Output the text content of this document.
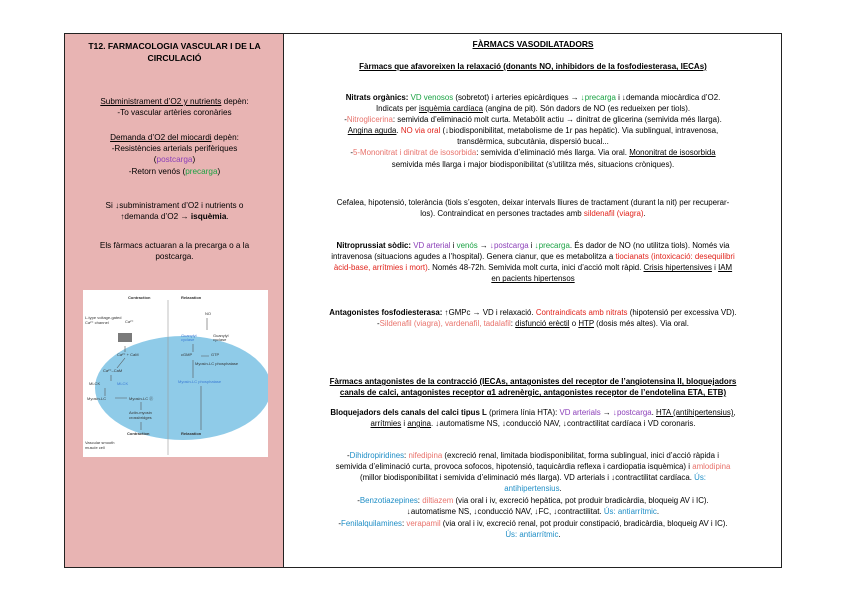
T12. FARMACOLOGIA VASCULAR I DE LA
CIRCULACIÓ
Subministrament d’O2 y nutrients depèn:
-To vascular artèries coronàries
Demanda d’O2 del miocardi depèn:
-Resistències arterials perifèriques
(postcarga)
-Retorn venós (precarga)
Si ↓subministrament d’O2 i nutrients o
↑demanda d’O2 → isquèmia.
Els fàrmacs actuaran a la precarga o a la
postcarga.
Contraction	Relaxation
L-type voltage-gated
Ca²⁺ channel	Ca²⁺
Ca²⁺ + CaM
Ca²⁺–CaM
MLCK	MLCK
Myosin-LC	Myosin-LC ⓟ
Actin-myosin
crossbridges
Contraction
NO
Guanylyl
cyclase
Guanylyl
cyclase
cGMP	GTP
Myosin-LC phosphatase
Myosin-LC phosphatase
Relaxation
Vascular smooth
muscle cell
FÀRMACS VASODILATADORS
Fàrmacs que afavoreixen la relaxació (donants NO, inhibidors de la fosfodiesterasa, IECAs)
Nitrats orgànics: VD venosos (sobretot) i arteries epicàrdiques → ↓precarga i ↓demanda miocàrdica d’O2.
Indicats per isquèmia cardíaca (angina de pit). Són dadors de NO (es redueixen per tiols).
-Nitroglicerina: semivida d’eliminació molt curta. Metabòlit actiu → dinitrat de glicerina (semivida més llarga).
Angina aguda. NO via oral (↓biodisponibilitat, metabolisme de 1r pas hepàtic). Via sublingual, intravenosa,
transdèrmica, subcutània, dispersió bucal...
-5-Mononitrat i dinitrat de isosorbida: semivida d’eliminació més llarga. Via oral. Mononitrat de isosorbida
semivida més llarga i major biodisponibilitat (s’utilitza més, situacions cròniques).
Cefalea, hipotensió, tolerància (tiols s’esgoten, deixar intervals lliures de tractament (durant la nit) per recuperar-
los). Contraindicat en persones tractades amb sildenafil (viagra).
Nitroprussiat sòdic: VD arterial i venós → ↓postcarga i ↓precarga. És dador de NO (no utilitza tiols). Només via
intravenosa (situacions agudes a l’hospital). Genera cianur, que es metabolitza a tiocianats (intoxicació: desequilibri
àcid-base, arrítmies i mort). Només 48-72h. Semivida molt curta, inici d’acció molt ràpid. Crisis hipertensives i IAM
en pacients hipertensos
Antagonistes fosfodiesterasa: ↑GMPc → VD i relaxació. Contraindicats amb nitrats (hipotensió per excessiva VD).
-Sildenafil (viagra), vardenafil, tadalafil: disfunció erèctil o HTP (dosis més altes). Via oral.
Fàrmacs antagonistes de la contracció (IECAs, antagonistes del receptor de l’angiotensina II, bloquejadors
canals de calci, antagonistes receptor α1 adrenèrgic, antagonistes receptor de l’endotelina ETA, ETB)
Bloquejadors dels canals del calci tipus L (primera línia HTA): VD arterials → ↓postcarga. HTA (antihipertensius),
arrítmies i angina. ↓automatisme NS, ↓conducció NAV, ↓contractilitat cardíaca i VD coronaris.
-Dihidropiridines: nifedipina (excreció renal, limitada biodisponibilitat, forma sublingual, inici d’acció ràpida i
semivida d’eliminació curta, provoca sofocos, hipotensió, taquicàrdia reflexa i cardiopatia isquèmica) i amlodipina
(millor biodisponibilitat i semivida d’eliminació més llarga). VD arterials i ↓contractilitat cardíaca. Ús:
antihipertensius.
-Benzotiazepines: diltiazem (via oral i iv, excreció hepàtica, pot produir bradicàrdia, bloqueig AV i IC).
↓automatisme NS, ↓conducció NAV, ↓FC, ↓contractilitat. Ús: antiarrítmic.
-Fenilalquilamines: verapamil (via oral i iv, excreció renal, pot produir constipació, bradicàrdia, bloqueig AV i IC).
Ús: antiarrítmic.
